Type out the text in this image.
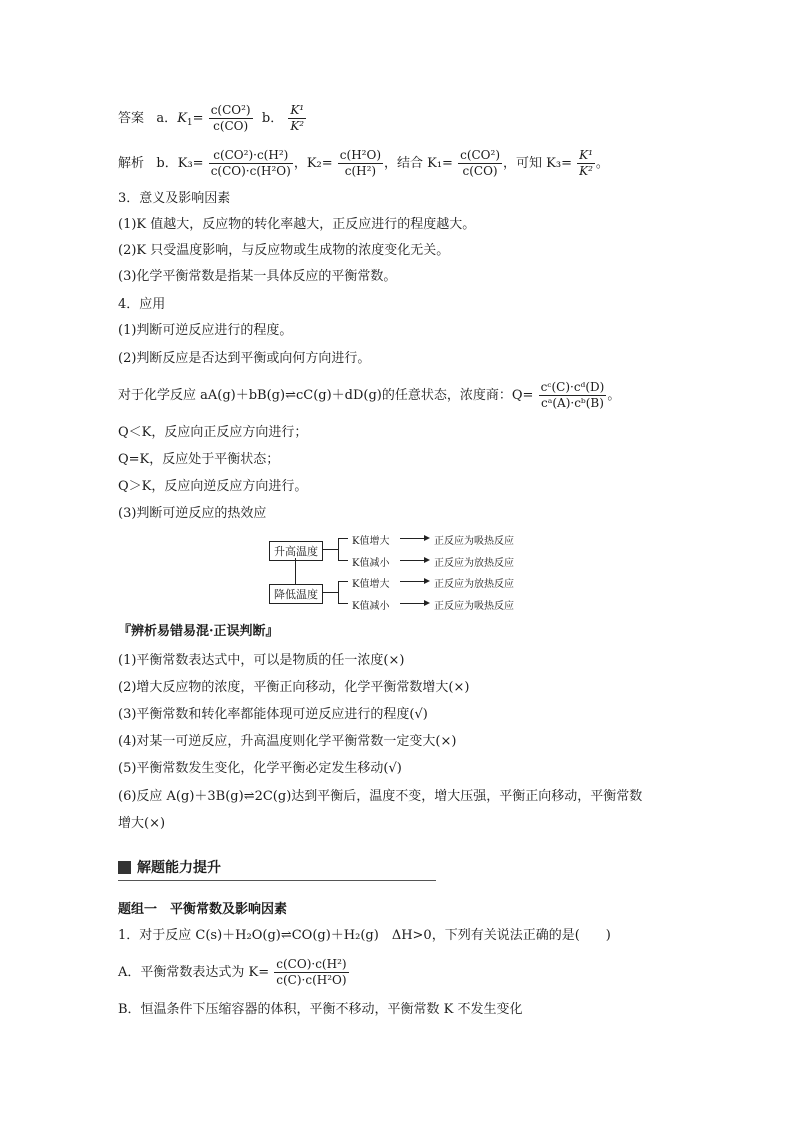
答案 a．$K_1= \frac{\text{c(CO²)}}{c(CO)}$ b． $\frac{\text{K¹}}{\text{K²}}$
解析 b．$K_3= \frac{\text{c(CO²)·c(H²)}}{\text{c(CO)·c(H²O)}}$ ，$K_2= \frac{\text{c(H²O)}}{\text{c(H²)}}$ ，结合 $K_1= \frac{\text{c(CO²)}}{c(CO)}$ ，可知 $K_3= \frac{\text{K¹}}{\text{K²}}$ 。
3．意义及影响因素
(1)K 值越大，反应物的转化率越大，正反应进行的程度越大。
(2)K 只受温度影响，与反应物或生成物的浓度变化无关。
(3)化学平衡常数是指某一具体反应的平衡常数。
4．应用
(1)判断可逆反应进行的程度。
(2)判断反应是否达到平衡或向何方向进行。
对于化学反应 aA(g)＋bB(g)⇌cC(g)＋dD(g)的任意状态，浓度商：$Q= \frac{\text{cᶜ(C)·cᵈ(D)}}{\text{cᵃ(A)·cᵇ(B)}}$ 。
Q＜K，反应向正反应方向进行；
Q=K，反应处于平衡状态；
Q＞K，反应向逆反应方向进行。
(3)判断可逆反应的热效应
升高温度
降低温度
K值增大
K值减小
正反应为吸热反应
正反应为放热反应
K值增大
K值减小
正反应为放热反应
正反应为吸热反应
『辨析易错易混·正误判断』
(1)平衡常数表达式中，可以是物质的任一浓度(×)
(2)增大反应物的浓度，平衡正向移动，化学平衡常数增大(×)
(3)平衡常数和转化率都能体现可逆反应进行的程度(√)
(4)对某一可逆反应，升高温度则化学平衡常数一定变大(×)
(5)平衡常数发生变化，化学平衡必定发生移动(√)
(6)反应 A(g)＋3B(g)⇌2C(g)达到平衡后，温度不变，增大压强，平衡正向移动，平衡常数
增大(×)
解题能力提升
题组一　平衡常数及影响因素
1．对于反应 C(s)＋H₂O(g)⇌CO(g)＋H₂(g)　ΔH>0，下列有关说法正确的是(　　)
A．平衡常数表达式为 $K= \frac{\text{c(CO)·c(H²)}}{\text{c(C)·c(H²O)}}$
B．恒温条件下压缩容器的体积，平衡不移动，平衡常数 K 不发生变化
